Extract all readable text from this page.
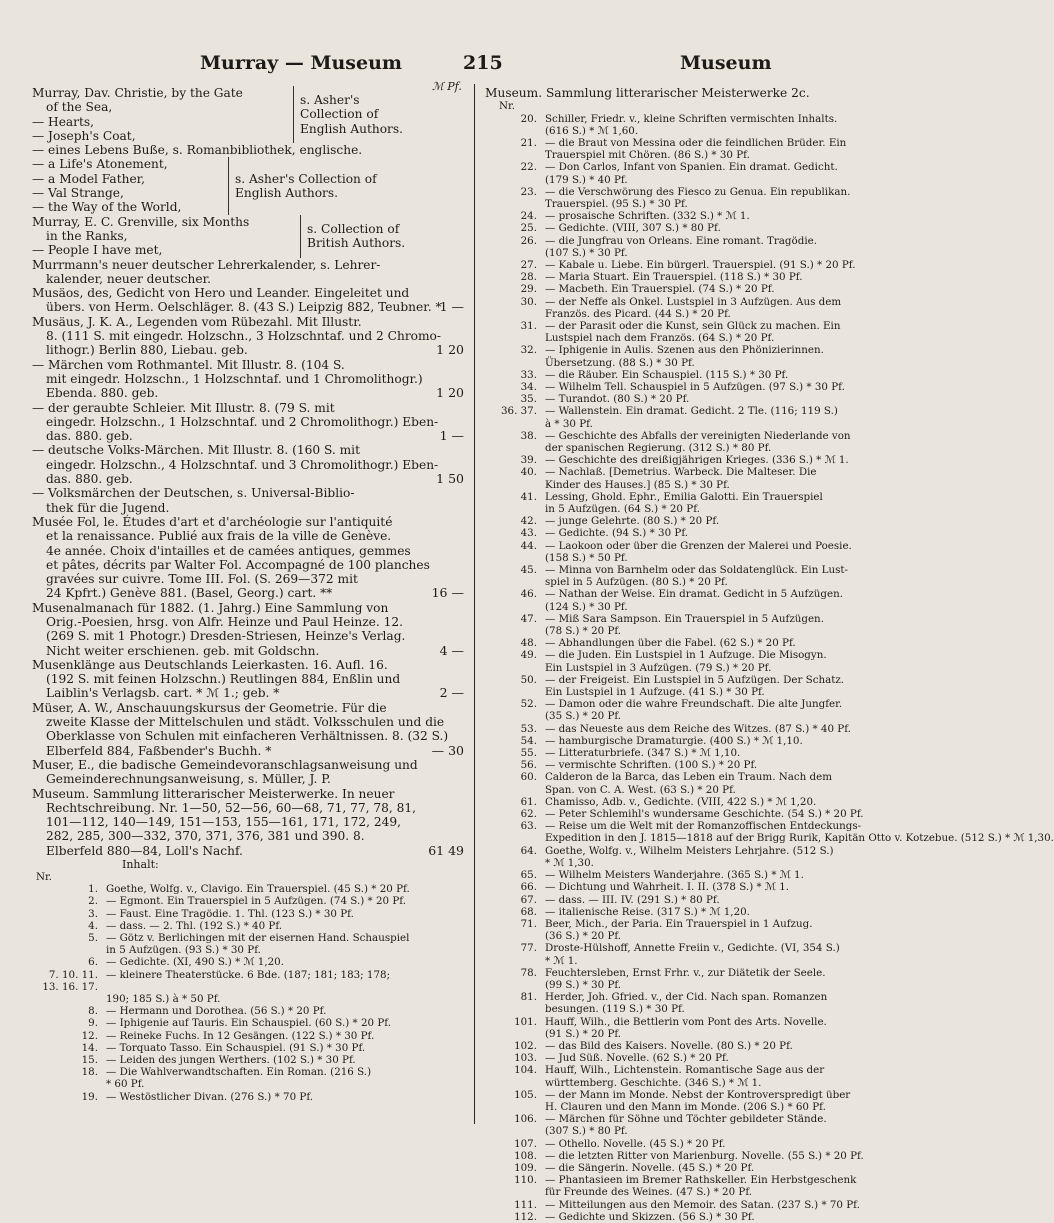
Murray — Museum	215	Museum
ℳ Pf.
Murray, Dav. Christie, by the Gate
of the Sea,
— Hearts,
— Joseph's Coat,
s. Asher's Collection of English Authors.
— eines Lebens Buße, s. Romanbibliothek, englische.
— a Life's Atonement,
— a Model Father,
— Val Strange,
— the Way of the World,
s. Asher's Collection of English Authors.
Murray, E. C. Grenville, six Months
in the Ranks,
— People I have met,
s. Collection of British Authors.
Murrmann's neuer deutscher Lehrerkalender, s. Lehrer-
kalender, neuer deutscher.
Musäos, des, Gedicht von Hero und Leander. Eingeleitet und
übers. von Herm. Oelschläger. 8. (43 S.) Leipzig 882, Teubner. *
1 —
Musäus, J. K. A., Legenden vom Rübezahl. Mit Illustr.
8. (111 S. mit eingedr. Holzschn., 3 Holzschntaf. und 2 Chromo-
lithogr.) Berlin 880, Liebau. geb.	1 20
— Märchen vom Rothmantel. Mit Illustr. 8. (104 S.
mit eingedr. Holzschn., 1 Holzschntaf. und 1 Chromolithogr.)
Ebenda. 880. geb.	1 20
— der geraubte Schleier. Mit Illustr. 8. (79 S. mit
eingedr. Holzschn., 1 Holzschntaf. und 2 Chromolithogr.) Eben-
das. 880. geb.	1 —
— deutsche Volks-Märchen. Mit Illustr. 8. (160 S. mit
eingedr. Holzschn., 4 Holzschntaf. und 3 Chromolithogr.) Eben-
das. 880. geb.	1 50
— Volksmärchen der Deutschen, s. Universal-Biblio-
thek für die Jugend.
Musée Fol, le. Études d'art et d'archéologie sur l'antiquité
et la renaissance. Publié aux frais de la ville de Genève.
4e année. Choix d'intailles et de camées antiques, gemmes
et pâtes, décrits par Walter Fol. Accompagné de 100 planches
gravées sur cuivre. Tome III. Fol. (S. 269—372 mit
24 Kpfrt.) Genève 881. (Basel, Georg.) cart. **	16 —
Musenalmanach für 1882. (1. Jahrg.) Eine Sammlung von
Orig.-Poesien, hrsg. von Alfr. Heinze und Paul Heinze. 12.
(269 S. mit 1 Photogr.) Dresden-Striesen, Heinze's Verlag.
Nicht weiter erschienen. geb. mit Goldschn.	4 —
Musenklänge aus Deutschlands Leierkasten. 16. Aufl. 16.
(192 S. mit feinen Holzschn.) Reutlingen 884, Enßlin und
Laiblin's Verlagsb. cart. * ℳ 1.; geb. *	2 —
Müser, A. W., Anschauungskursus der Geometrie. Für die
zweite Klasse der Mittelschulen und städt. Volksschulen und die
Oberklasse von Schulen mit einfacheren Verhältnissen. 8. (32 S.)
Elberfeld 884, Faßbender's Buchh. *	— 30
Muser, E., die badische Gemeindevoranschlagsanweisung und
Gemeinderechnungsanweisung, s. Müller, J. P.
Museum. Sammlung litterarischer Meisterwerke. In neuer
Rechtschreibung. Nr. 1—50, 52—56, 60—68, 71, 77, 78, 81,
101—112, 140—149, 151—153, 155—161, 171, 172, 249,
282, 285, 300—332, 370, 371, 376, 381 und 390. 8.
Elberfeld 880—84, Loll's Nachf.	61 49
Inhalt:
Nr.
1. Goethe, Wolfg. v., Clavigo. Ein Trauerspiel. (45 S.) * 20 Pf.
2. — Egmont. Ein Trauerspiel in 5 Aufzügen. (74 S.) * 20 Pf.
3. — Faust. Eine Tragödie. 1. Thl. (123 S.) * 30 Pf.
4. — dass. — 2. Thl. (192 S.) * 40 Pf.
5. — Götz v. Berlichingen mit der eisernen Hand. Schauspiel
in 5 Aufzügen. (93 S.) * 30 Pf.
6. — Gedichte. (XI, 490 S.) * ℳ 1,20.
7. 10. 11. 13. 16. 17.
— kleinere Theaterstücke. 6 Bde. (187; 181; 183; 178;
190; 185 S.) à * 50 Pf.
8. — Hermann und Dorothea. (56 S.) * 20 Pf.
9. — Iphigenie auf Tauris. Ein Schauspiel. (60 S.) * 20 Pf.
12. — Reineke Fuchs. In 12 Gesängen. (122 S.) * 30 Pf.
14. — Torquato Tasso. Ein Schauspiel. (91 S.) * 30 Pf.
15. — Leiden des jungen Werthers. (102 S.) * 30 Pf.
18. — Die Wahlverwandtschaften. Ein Roman. (216 S.)
* 60 Pf.
19. — Westöstlicher Divan. (276 S.) * 70 Pf.
Museum. Sammlung litterarischer Meisterwerke 2c.
Nr.
20. Schiller, Friedr. v., kleine Schriften vermischten Inhalts.
(616 S.) * ℳ 1,60.
21. — die Braut von Messina oder die feindlichen Brüder. Ein
Trauerspiel mit Chören. (86 S.) * 30 Pf.
22. — Don Carlos, Infant von Spanien. Ein dramat. Gedicht.
(179 S.) * 40 Pf.
23. — die Verschwörung des Fiesco zu Genua. Ein republikan.
Trauerspiel. (95 S.) * 30 Pf.
24. — prosaische Schriften. (332 S.) * ℳ 1.
25. — Gedichte. (VIII, 307 S.) * 80 Pf.
26. — die Jungfrau von Orleans. Eine romant. Tragödie.
(107 S.) * 30 Pf.
27. — Kabale u. Liebe. Ein bürgerl. Trauerspiel. (91 S.) * 20 Pf.
28. — Maria Stuart. Ein Trauerspiel. (118 S.) * 30 Pf.
29. — Macbeth. Ein Trauerspiel. (74 S.) * 20 Pf.
30. — der Neffe als Onkel. Lustspiel in 3 Aufzügen. Aus dem
Französ. des Picard. (44 S.) * 20 Pf.
31. — der Parasit oder die Kunst, sein Glück zu machen. Ein
Lustspiel nach dem Französ. (64 S.) * 20 Pf.
32. — Iphigenie in Aulis. Szenen aus den Phönizierinnen.
Übersetzung. (88 S.) * 30 Pf.
33. — die Räuber. Ein Schauspiel. (115 S.) * 30 Pf.
34. — Wilhelm Tell. Schauspiel in 5 Aufzügen. (97 S.) * 30 Pf.
35. — Turandot. (80 S.) * 20 Pf.
36. 37. — Wallenstein. Ein dramat. Gedicht. 2 Tle. (116; 119 S.)
à * 30 Pf.
38. — Geschichte des Abfalls der vereinigten Niederlande von
der spanischen Regierung. (312 S.) * 80 Pf.
39. — Geschichte des dreißigjährigen Krieges. (336 S.) * ℳ 1.
40. — Nachlaß. [Demetrius. Warbeck. Die Malteser. Die
Kinder des Hauses.] (85 S.) * 30 Pf.
41. Lessing, Ghold. Ephr., Emilia Galotti. Ein Trauerspiel
in 5 Aufzügen. (64 S.) * 20 Pf.
42. — junge Gelehrte. (80 S.) * 20 Pf.
43. — Gedichte. (94 S.) * 30 Pf.
44. — Laokoon oder über die Grenzen der Malerei und Poesie.
(158 S.) * 50 Pf.
45. — Minna von Barnhelm oder das Soldatenglück. Ein Lust-
spiel in 5 Aufzügen. (80 S.) * 20 Pf.
46. — Nathan der Weise. Ein dramat. Gedicht in 5 Aufzügen.
(124 S.) * 30 Pf.
47. — Miß Sara Sampson. Ein Trauerspiel in 5 Aufzügen.
(78 S.) * 20 Pf.
48. — Abhandlungen über die Fabel. (62 S.) * 20 Pf.
49. — die Juden. Ein Lustspiel in 1 Aufzuge. Die Misogyn.
Ein Lustspiel in 3 Aufzügen. (79 S.) * 20 Pf.
50. — der Freigeist. Ein Lustspiel in 5 Aufzügen. Der Schatz.
Ein Lustspiel in 1 Aufzuge. (41 S.) * 30 Pf.
52. — Damon oder die wahre Freundschaft. Die alte Jungfer.
(35 S.) * 20 Pf.
53. — das Neueste aus dem Reiche des Witzes. (87 S.) * 40 Pf.
54. — hamburgische Dramaturgie. (400 S.) * ℳ 1,10.
55. — Litteraturbriefe. (347 S.) * ℳ 1,10.
56. — vermischte Schriften. (100 S.) * 20 Pf.
60. Calderon de la Barca, das Leben ein Traum. Nach dem
Span. von C. A. West. (63 S.) * 20 Pf.
61. Chamisso, Adb. v., Gedichte. (VIII, 422 S.) * ℳ 1,20.
62. — Peter Schlemihl's wundersame Geschichte. (54 S.) * 20 Pf.
63. — Reise um die Welt mit der Romanzoffischen Entdeckungs-
Expedition in den J. 1815—1818 auf der Brigg Rurik, Kapitän Otto v. Kotzebue. (512 S.) * ℳ 1,30.
64. Goethe, Wolfg. v., Wilhelm Meisters Lehrjahre. (512 S.)
* ℳ 1,30.
65. — Wilhelm Meisters Wanderjahre. (365 S.) * ℳ 1.
66. — Dichtung und Wahrheit. I. II. (378 S.) * ℳ 1.
67. — dass. — III. IV. (291 S.) * 80 Pf.
68. — italienische Reise. (317 S.) * ℳ 1,20.
71. Beer, Mich., der Paria. Ein Trauerspiel in 1 Aufzug.
(36 S.) * 20 Pf.
77. Droste-Hülshoff, Annette Freiin v., Gedichte. (VI, 354 S.)
* ℳ 1.
78. Feuchtersleben, Ernst Frhr. v., zur Diätetik der Seele.
(99 S.) * 30 Pf.
81. Herder, Joh. Gfried. v., der Cid. Nach span. Romanzen
besungen. (119 S.) * 30 Pf.
101. Hauff, Wilh., die Bettlerin vom Pont des Arts. Novelle.
(91 S.) * 20 Pf.
102. — das Bild des Kaisers. Novelle. (80 S.) * 20 Pf.
103. — Jud Süß. Novelle. (62 S.) * 20 Pf.
104. Hauff, Wilh., Lichtenstein. Romantische Sage aus der
württemberg. Geschichte. (346 S.) * ℳ 1.
105. — der Mann im Monde. Nebst der Kontroverspredigt über
H. Clauren und den Mann im Monde. (206 S.) * 60 Pf.
106. — Märchen für Söhne und Töchter gebildeter Stände.
(307 S.) * 80 Pf.
107. — Othello. Novelle. (45 S.) * 20 Pf.
108. — die letzten Ritter von Marienburg. Novelle. (55 S.) * 20 Pf.
109. — die Sängerin. Novelle. (45 S.) * 20 Pf.
110. — Phantasieen im Bremer Rathskeller. Ein Herbstgeschenk
für Freunde des Weines. (47 S.) * 20 Pf.
111. — Mitteilungen aus den Memoir. des Satan. (237 S.) * 70 Pf.
112. — Gedichte und Skizzen. (56 S.) * 30 Pf.
